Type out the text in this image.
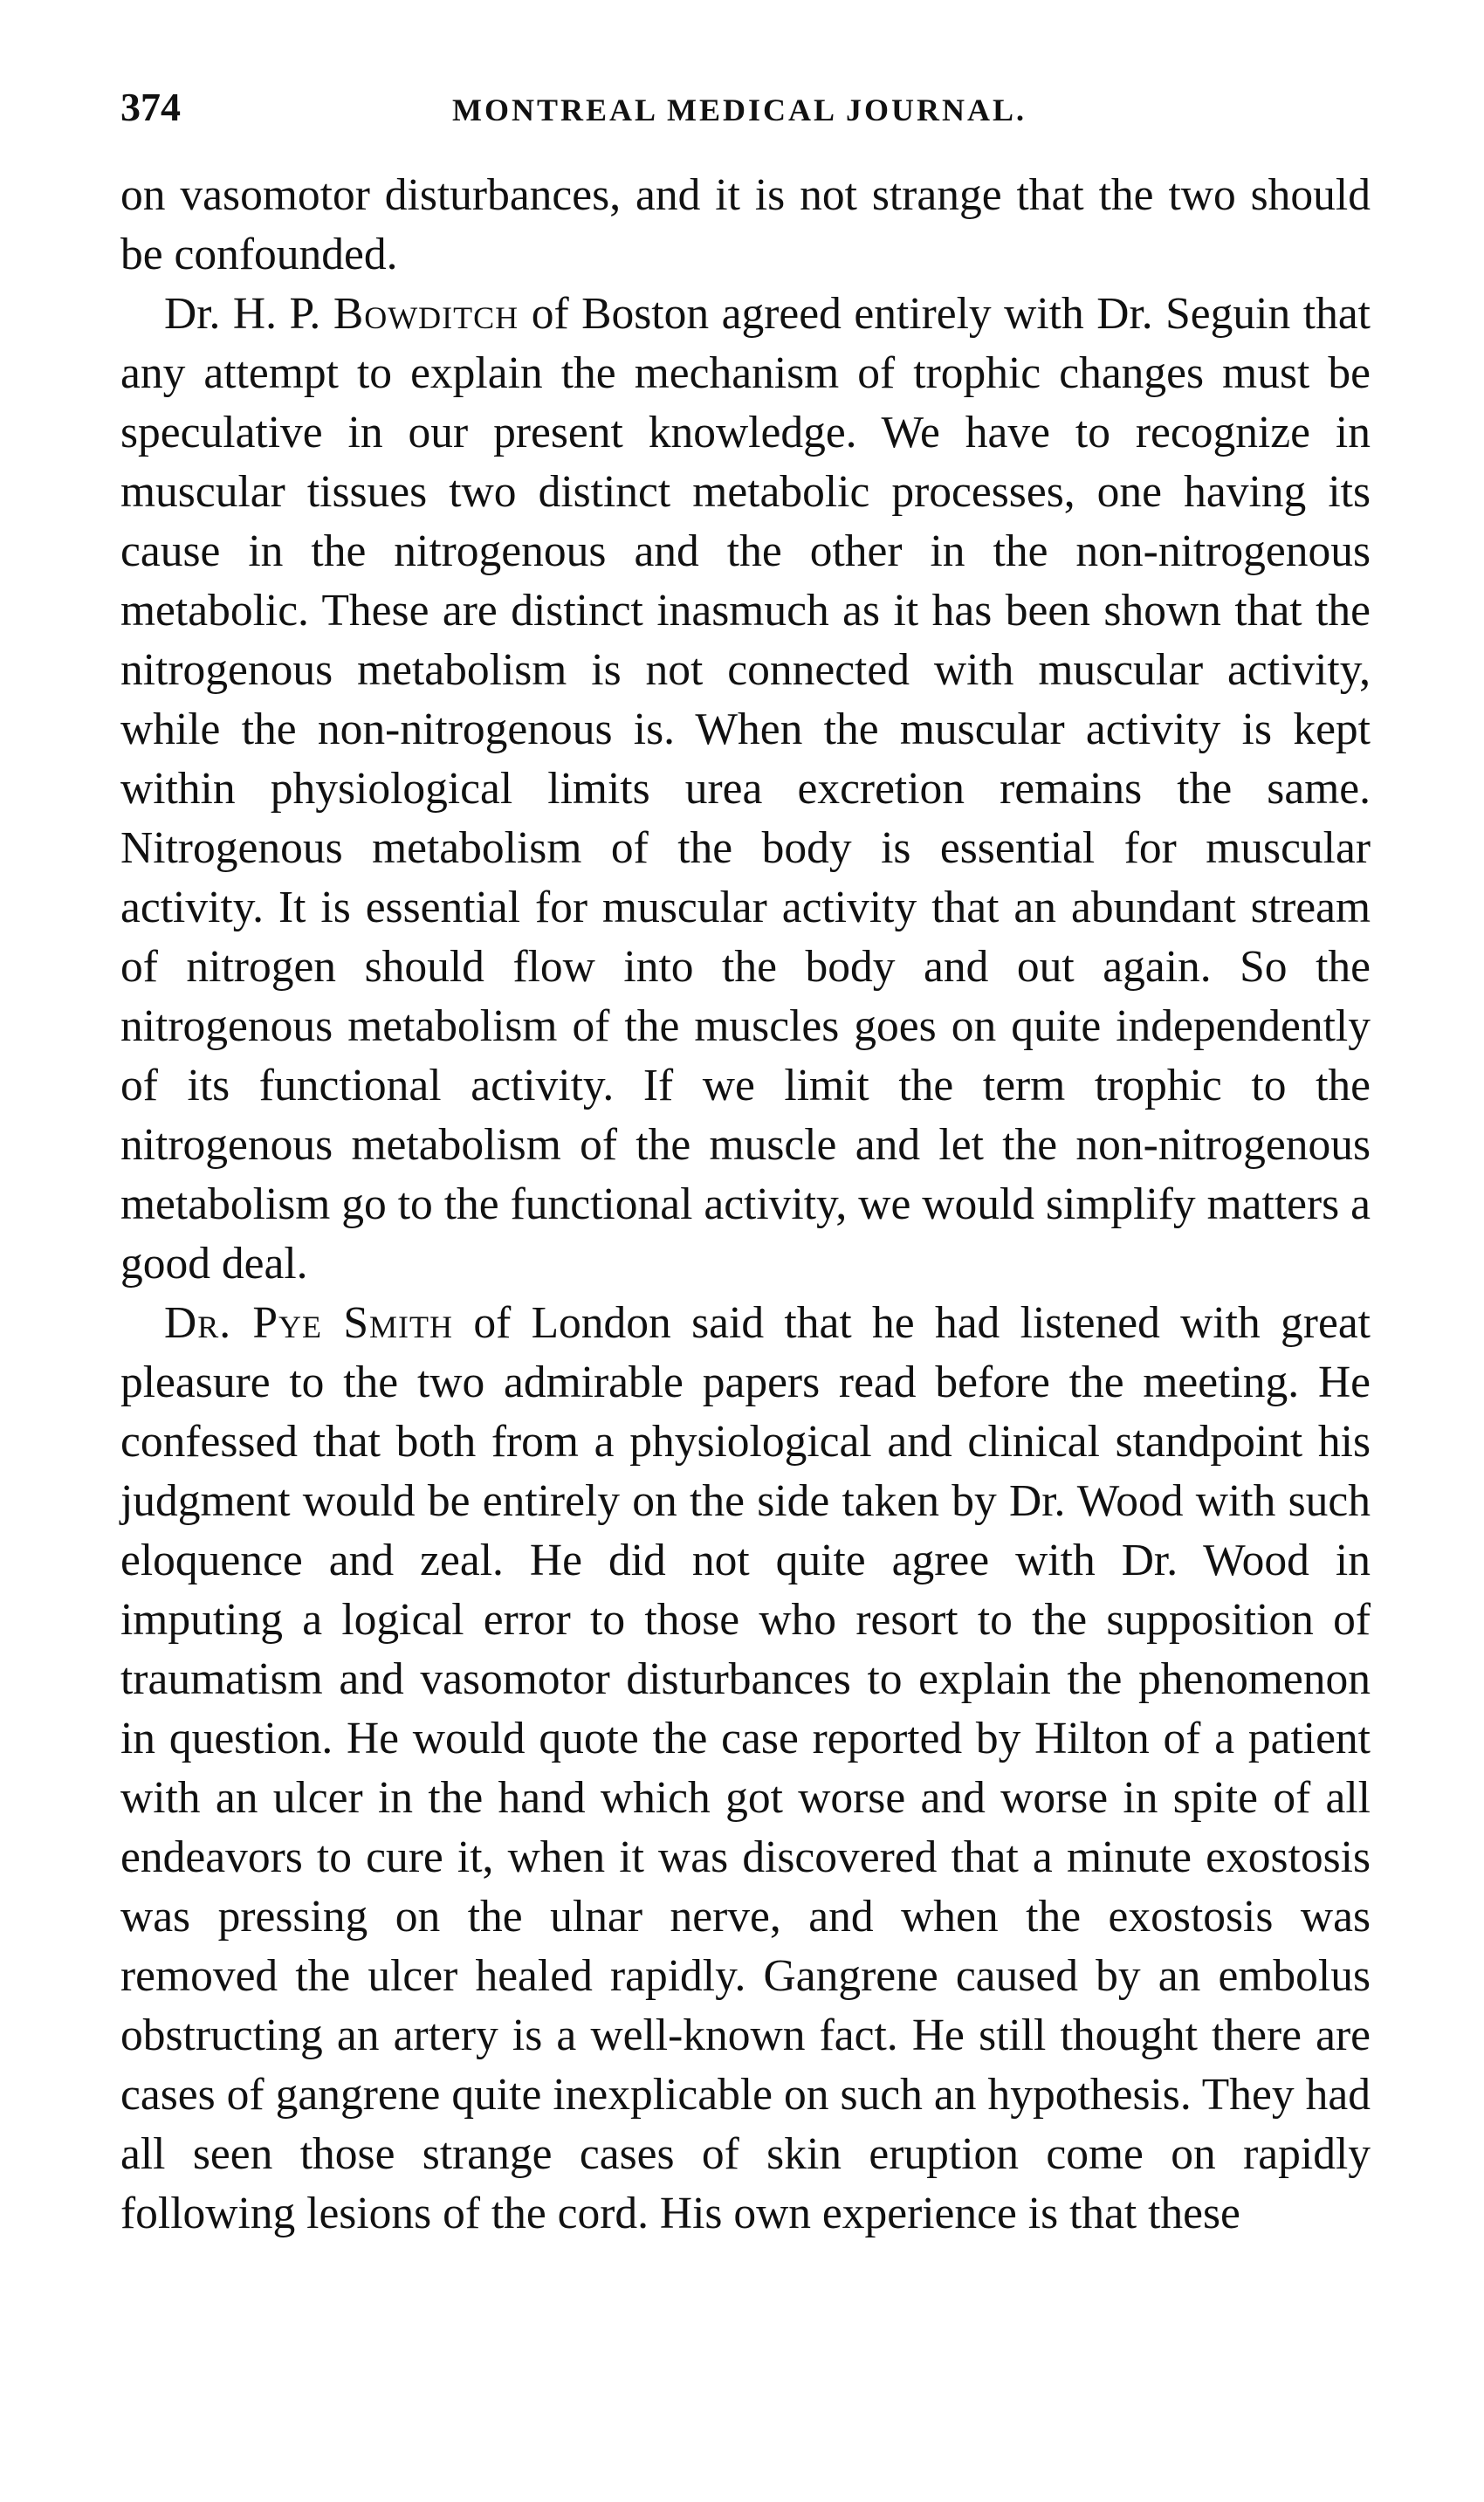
374	MONTREAL MEDICAL JOURNAL.

on vasomotor disturbances, and it is not strange that the two should be confounded.

Dr. H. P. Bowditch of Boston agreed entirely with Dr. Seguin that any attempt to explain the mechanism of trophic changes must be speculative in our present knowledge. We have to recognize in muscular tissues two distinct metabolic processes, one having its cause in the nitrogenous and the other in the non-nitrogenous metabolic. These are distinct inasmuch as it has been shown that the nitrogenous metabolism is not connected with muscular activity, while the non-nitrogenous is. When the muscular activity is kept within physiological limits urea excretion remains the same. Nitrogenous metabolism of the body is essential for muscular activity. It is essential for muscular activity that an abundant stream of nitrogen should flow into the body and out again. So the nitrogenous metabolism of the muscles goes on quite independently of its functional activity. If we limit the term trophic to the nitrogenous metabolism of the muscle and let the non-nitrogenous metabolism go to the functional activity, we would simplify matters a good deal.

Dr. Pye Smith of London said that he had listened with great pleasure to the two admirable papers read before the meeting. He confessed that both from a physiological and clinical standpoint his judgment would be entirely on the side taken by Dr. Wood with such eloquence and zeal. He did not quite agree with Dr. Wood in imputing a logical error to those who resort to the supposition of traumatism and vasomotor disturbances to explain the phenomenon in question. He would quote the case reported by Hilton of a patient with an ulcer in the hand which got worse and worse in spite of all endeavors to cure it, when it was discovered that a minute exostosis was pressing on the ulnar nerve, and when the exostosis was removed the ulcer healed rapidly. Gangrene caused by an embolus obstructing an artery is a well-known fact. He still thought there are cases of gangrene quite inexplicable on such an hypothesis. They had all seen those strange cases of skin eruption come on rapidly following lesions of the cord. His own experience is that these
